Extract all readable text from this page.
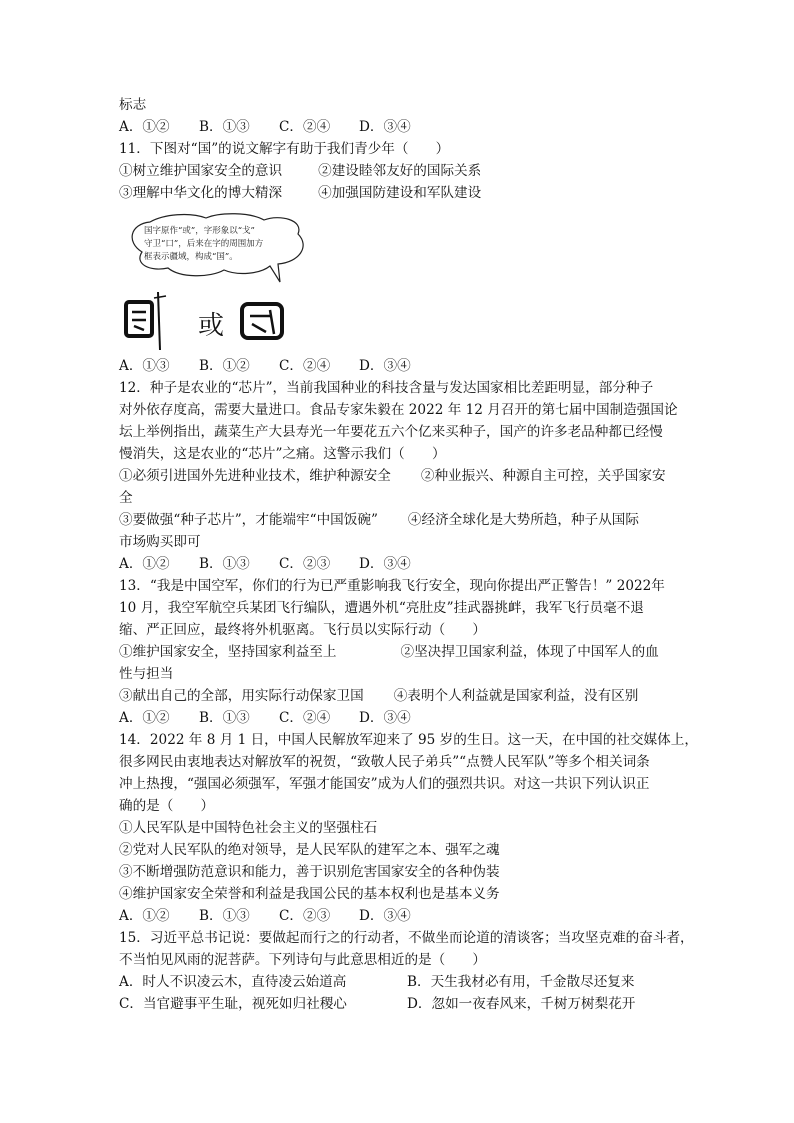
标志
A．①② B．①③ C．②④ D．③④
11．下图对“国”的说文解字有助于我们青少年（　　）
①树立维护国家安全的意识	②建设睦邻友好的国际关系
③理解中华文化的博大精深	④加强国防建设和军队建设
国字原作“或”，字形象以“戈”
守卫“口”，后来在字的周围加方
框表示疆域，构成“国”。
或
A．①③ B．①② C．②④ D．③④
12．种子是农业的“芯片”，当前我国种业的科技含量与发达国家相比差距明显，部分种子
对外依存度高，需要大量进口。食品专家朱毅在 2022 年 12 月召开的第七届中国制造强国论
坛上举例指出，蔬菜生产大县寿光一年要花五六个亿来买种子，国产的许多老品种都已经慢
慢消失，这是农业的“芯片”之痛。这警示我们（　　）
①必须引进国外先进种业技术，维护种源安全 ②种业振兴、种源自主可控，关乎国家安
全
③要做强“种子芯片”，才能端牢“中国饭碗” ④经济全球化是大势所趋，种子从国际
市场购买即可
A．①② B．①③ C．②③ D．③④
13．“我是中国空军，你们的行为已严重影响我飞行安全，现向你提出严正警告！” 2022年
10 月，我空军航空兵某团飞行编队，遭遇外机“亮肚皮”挂武器挑衅，我军飞行员毫不退
缩、严正回应，最终将外机驱离。飞行员以实际行动（　　）
①维护国家安全，坚持国家利益至上	②坚决捍卫国家利益，体现了中国军人的血
性与担当
③献出自己的全部，用实际行动保家卫国 ④表明个人利益就是国家利益，没有区别
A．①② B．①③ C．②④ D．③④
14．2022 年 8 月 1 日，中国人民解放军迎来了 95 岁的生日。这一天，在中国的社交媒体上，
很多网民由衷地表达对解放军的祝贺，“致敬人民子弟兵”“点赞人民军队”等多个相关词条
冲上热搜，“强国必须强军，军强才能国安”成为人们的强烈共识。对这一共识下列认识正
确的是（　　）
①人民军队是中国特色社会主义的坚强柱石
②党对人民军队的绝对领导，是人民军队的建军之本、强军之魂
③不断增强防范意识和能力，善于识别危害国家安全的各种伪装
④维护国家安全荣誉和利益是我国公民的基本权利也是基本义务
A．①② B．①③ C．②③ D．③④
15．习近平总书记说：要做起而行之的行动者，不做坐而论道的清谈客；当攻坚克难的奋斗者，
不当怕见风雨的泥菩萨。下列诗句与此意思相近的是（　　）
A．时人不识凌云木，直待凌云始道高	B．天生我材必有用，千金散尽还复来
C．当官避事平生耻，视死如归社稷心	D．忽如一夜春风来，千树万树梨花开
